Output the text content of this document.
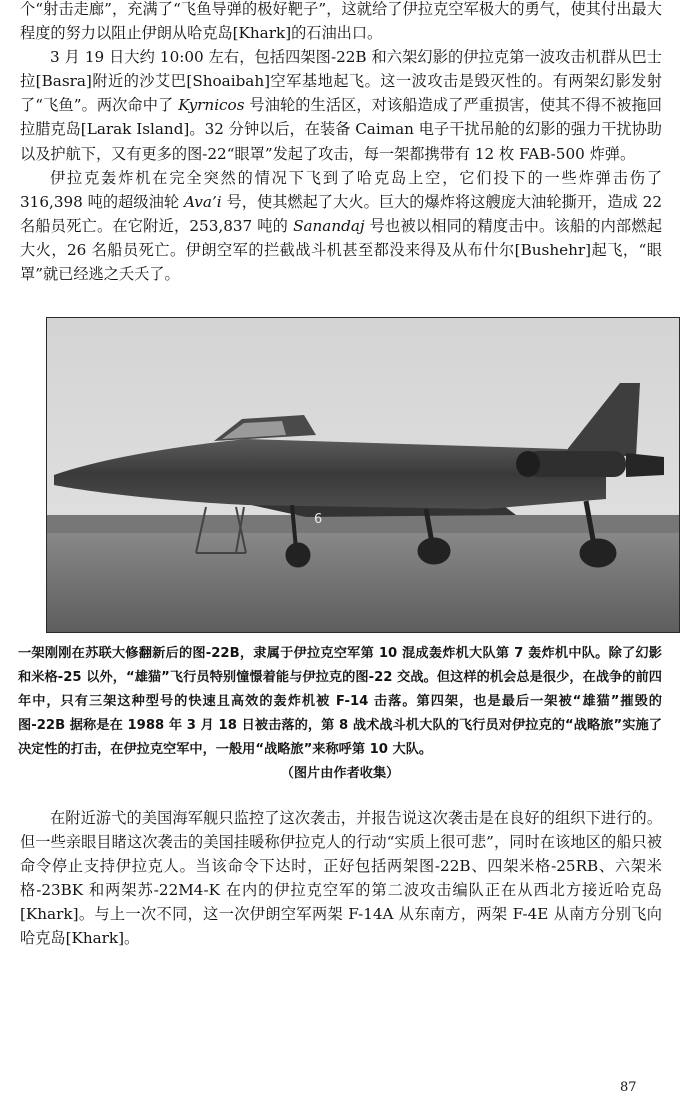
个“射击走廊”，充满了“飞鱼导弹的极好靶子”，这就给了伊拉克空军极大的勇气，使其付出最大程度的努力以阻止伊朗从哈克岛[Khark]的石油出口。

3 月 19 日大约 10:00 左右，包括四架图-22B 和六架幻影的伊拉克第一波攻击机群从巴士拉[Basra]附近的沙艾巴[Shoaibah]空军基地起飞。这一波攻击是毁灭性的。有两架幻影发射了“飞鱼”。两次命中了 Kyrnicos 号油轮的生活区，对该船造成了严重损害，使其不得不被拖回拉腊克岛[Larak Island]。32 分钟以后，在装备 Caiman 电子干扰吊舱的幻影的强力干扰协助以及护航下，又有更多的图-22“眼罩”发起了攻击，每一架都携带有 12 枚 FAB-500 炸弹。

伊拉克轰炸机在完全突然的情况下飞到了哈克岛上空，它们投下的一些炸弹击伤了 316,398 吨的超级油轮 Ava’i 号，使其燃起了大火。巨大的爆炸将这艘庞大油轮撕开，造成 22 名船员死亡。在它附近，253,837 吨的 Sanandaj 号也被以相同的精度击中。该船的内部燃起大火，26 名船员死亡。伊朗空军的拦截战斗机甚至都没来得及从布什尔[Bushehr]起飞，“眼罩”就已经逃之夭夭了。

6

一架刚刚在苏联大修翻新后的图-22B，隶属于伊拉克空军第 10 混成轰炸机大队第 7 轰炸机中队。除了幻影和米格-25 以外，“雄猫”飞行员特别憧憬着能与伊拉克的图-22 交战。但这样的机会总是很少，在战争的前四年中，只有三架这种型号的快速且高效的轰炸机被 F-14 击落。第四架，也是最后一架被“雄猫”摧毁的图-22B 据称是在 1988 年 3 月 18 日被击落的，第 8 战术战斗机大队的飞行员对伊拉克的“战略旅”实施了决定性的打击，在伊拉克空军中，一般用“战略旅”来称呼第 10 大队。

（图片由作者收集）

在附近游弋的美国海军舰只监控了这次袭击，并报告说这次袭击是在良好的组织下进行的。但一些亲眼目睹这次袭击的美国挂暖称伊拉克人的行动“实质上很可悲”，同时在该地区的船只被命令停止支持伊拉克人。当该命令下达时，正好包括两架图-22B、四架米格-25RB、六架米格-23BK 和两架苏-22M4-K 在内的伊拉克空军的第二波攻击编队正在从西北方接近哈克岛[Khark]。与上一次不同，这一次伊朗空军两架 F-14A 从东南方，两架 F-4E 从南方分别飞向哈克岛[Khark]。

87
